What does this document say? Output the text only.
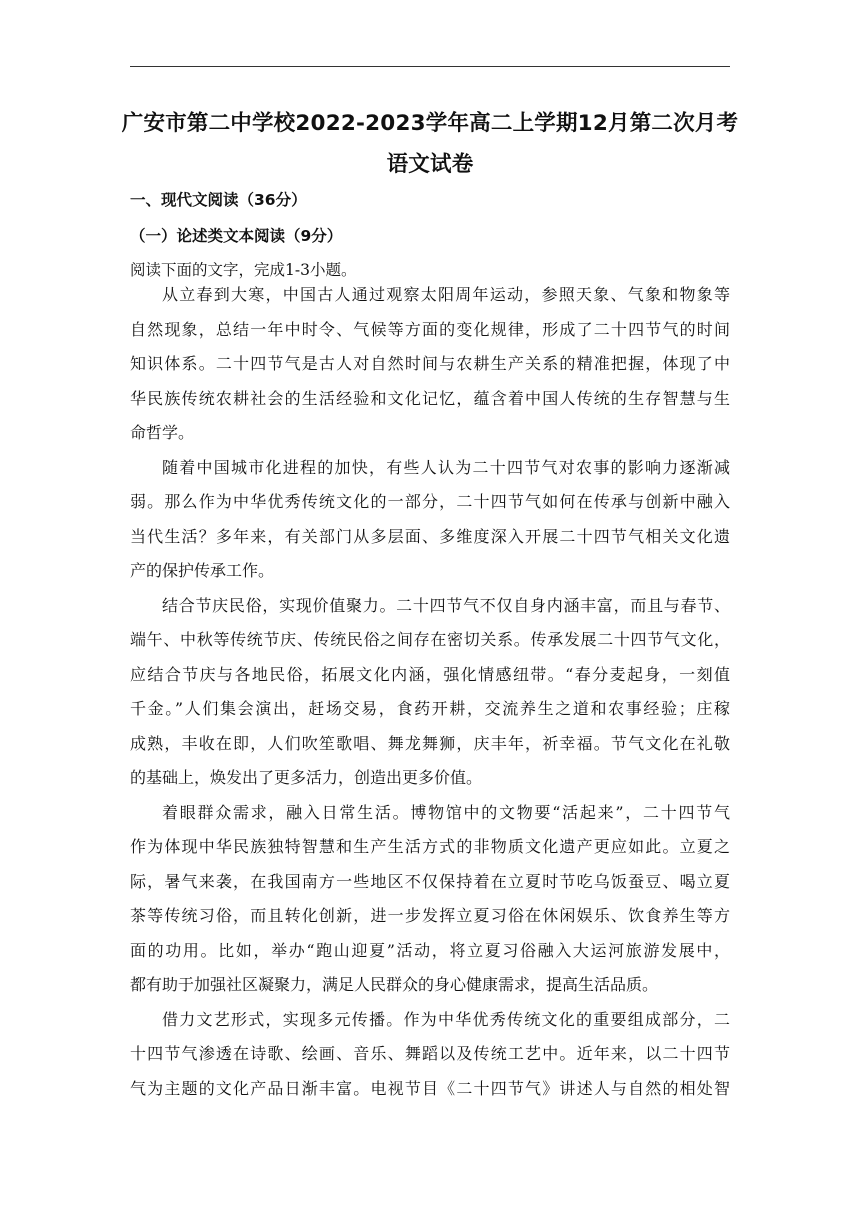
广安市第二中学校2022-2023学年高二上学期12月第二次月考
语文试卷
一、现代文阅读（36分）
（一）论述类文本阅读（9分）
阅读下面的文字，完成1-3小题。
从立春到大寒，中国古人通过观察太阳周年运动，参照天象、气象和物象等
自然现象，总结一年中时令、气候等方面的变化规律，形成了二十四节气的时间
知识体系。二十四节气是古人对自然时间与农耕生产关系的精准把握，体现了中
华民族传统农耕社会的生活经验和文化记忆，蕴含着中国人传统的生存智慧与生
命哲学。
随着中国城市化进程的加快，有些人认为二十四节气对农事的影响力逐渐减
弱。那么作为中华优秀传统文化的一部分，二十四节气如何在传承与创新中融入
当代生活？多年来，有关部门从多层面、多维度深入开展二十四节气相关文化遗
产的保护传承工作。
结合节庆民俗，实现价值聚力。二十四节气不仅自身内涵丰富，而且与春节、
端午、中秋等传统节庆、传统民俗之间存在密切关系。传承发展二十四节气文化，
应结合节庆与各地民俗，拓展文化内涵，强化情感纽带。“春分麦起身，一刻值
千金。”人们集会演出，赶场交易，食药开耕，交流养生之道和农事经验；庄稼
成熟，丰收在即，人们吹笙歌唱、舞龙舞狮，庆丰年，祈幸福。节气文化在礼敬
的基础上，焕发出了更多活力，创造出更多价值。
着眼群众需求，融入日常生活。博物馆中的文物要“活起来”，二十四节气
作为体现中华民族独特智慧和生产生活方式的非物质文化遗产更应如此。立夏之
际，暑气来袭，在我国南方一些地区不仅保持着在立夏时节吃乌饭蚕豆、喝立夏
茶等传统习俗，而且转化创新，进一步发挥立夏习俗在休闲娱乐、饮食养生等方
面的功用。比如，举办“跑山迎夏”活动，将立夏习俗融入大运河旅游发展中，
都有助于加强社区凝聚力，满足人民群众的身心健康需求，提高生活品质。
借力文艺形式，实现多元传播。作为中华优秀传统文化的重要组成部分，二
十四节气渗透在诗歌、绘画、音乐、舞蹈以及传统工艺中。近年来，以二十四节
气为主题的文化产品日渐丰富。电视节目《二十四节气》讲述人与自然的相处智
